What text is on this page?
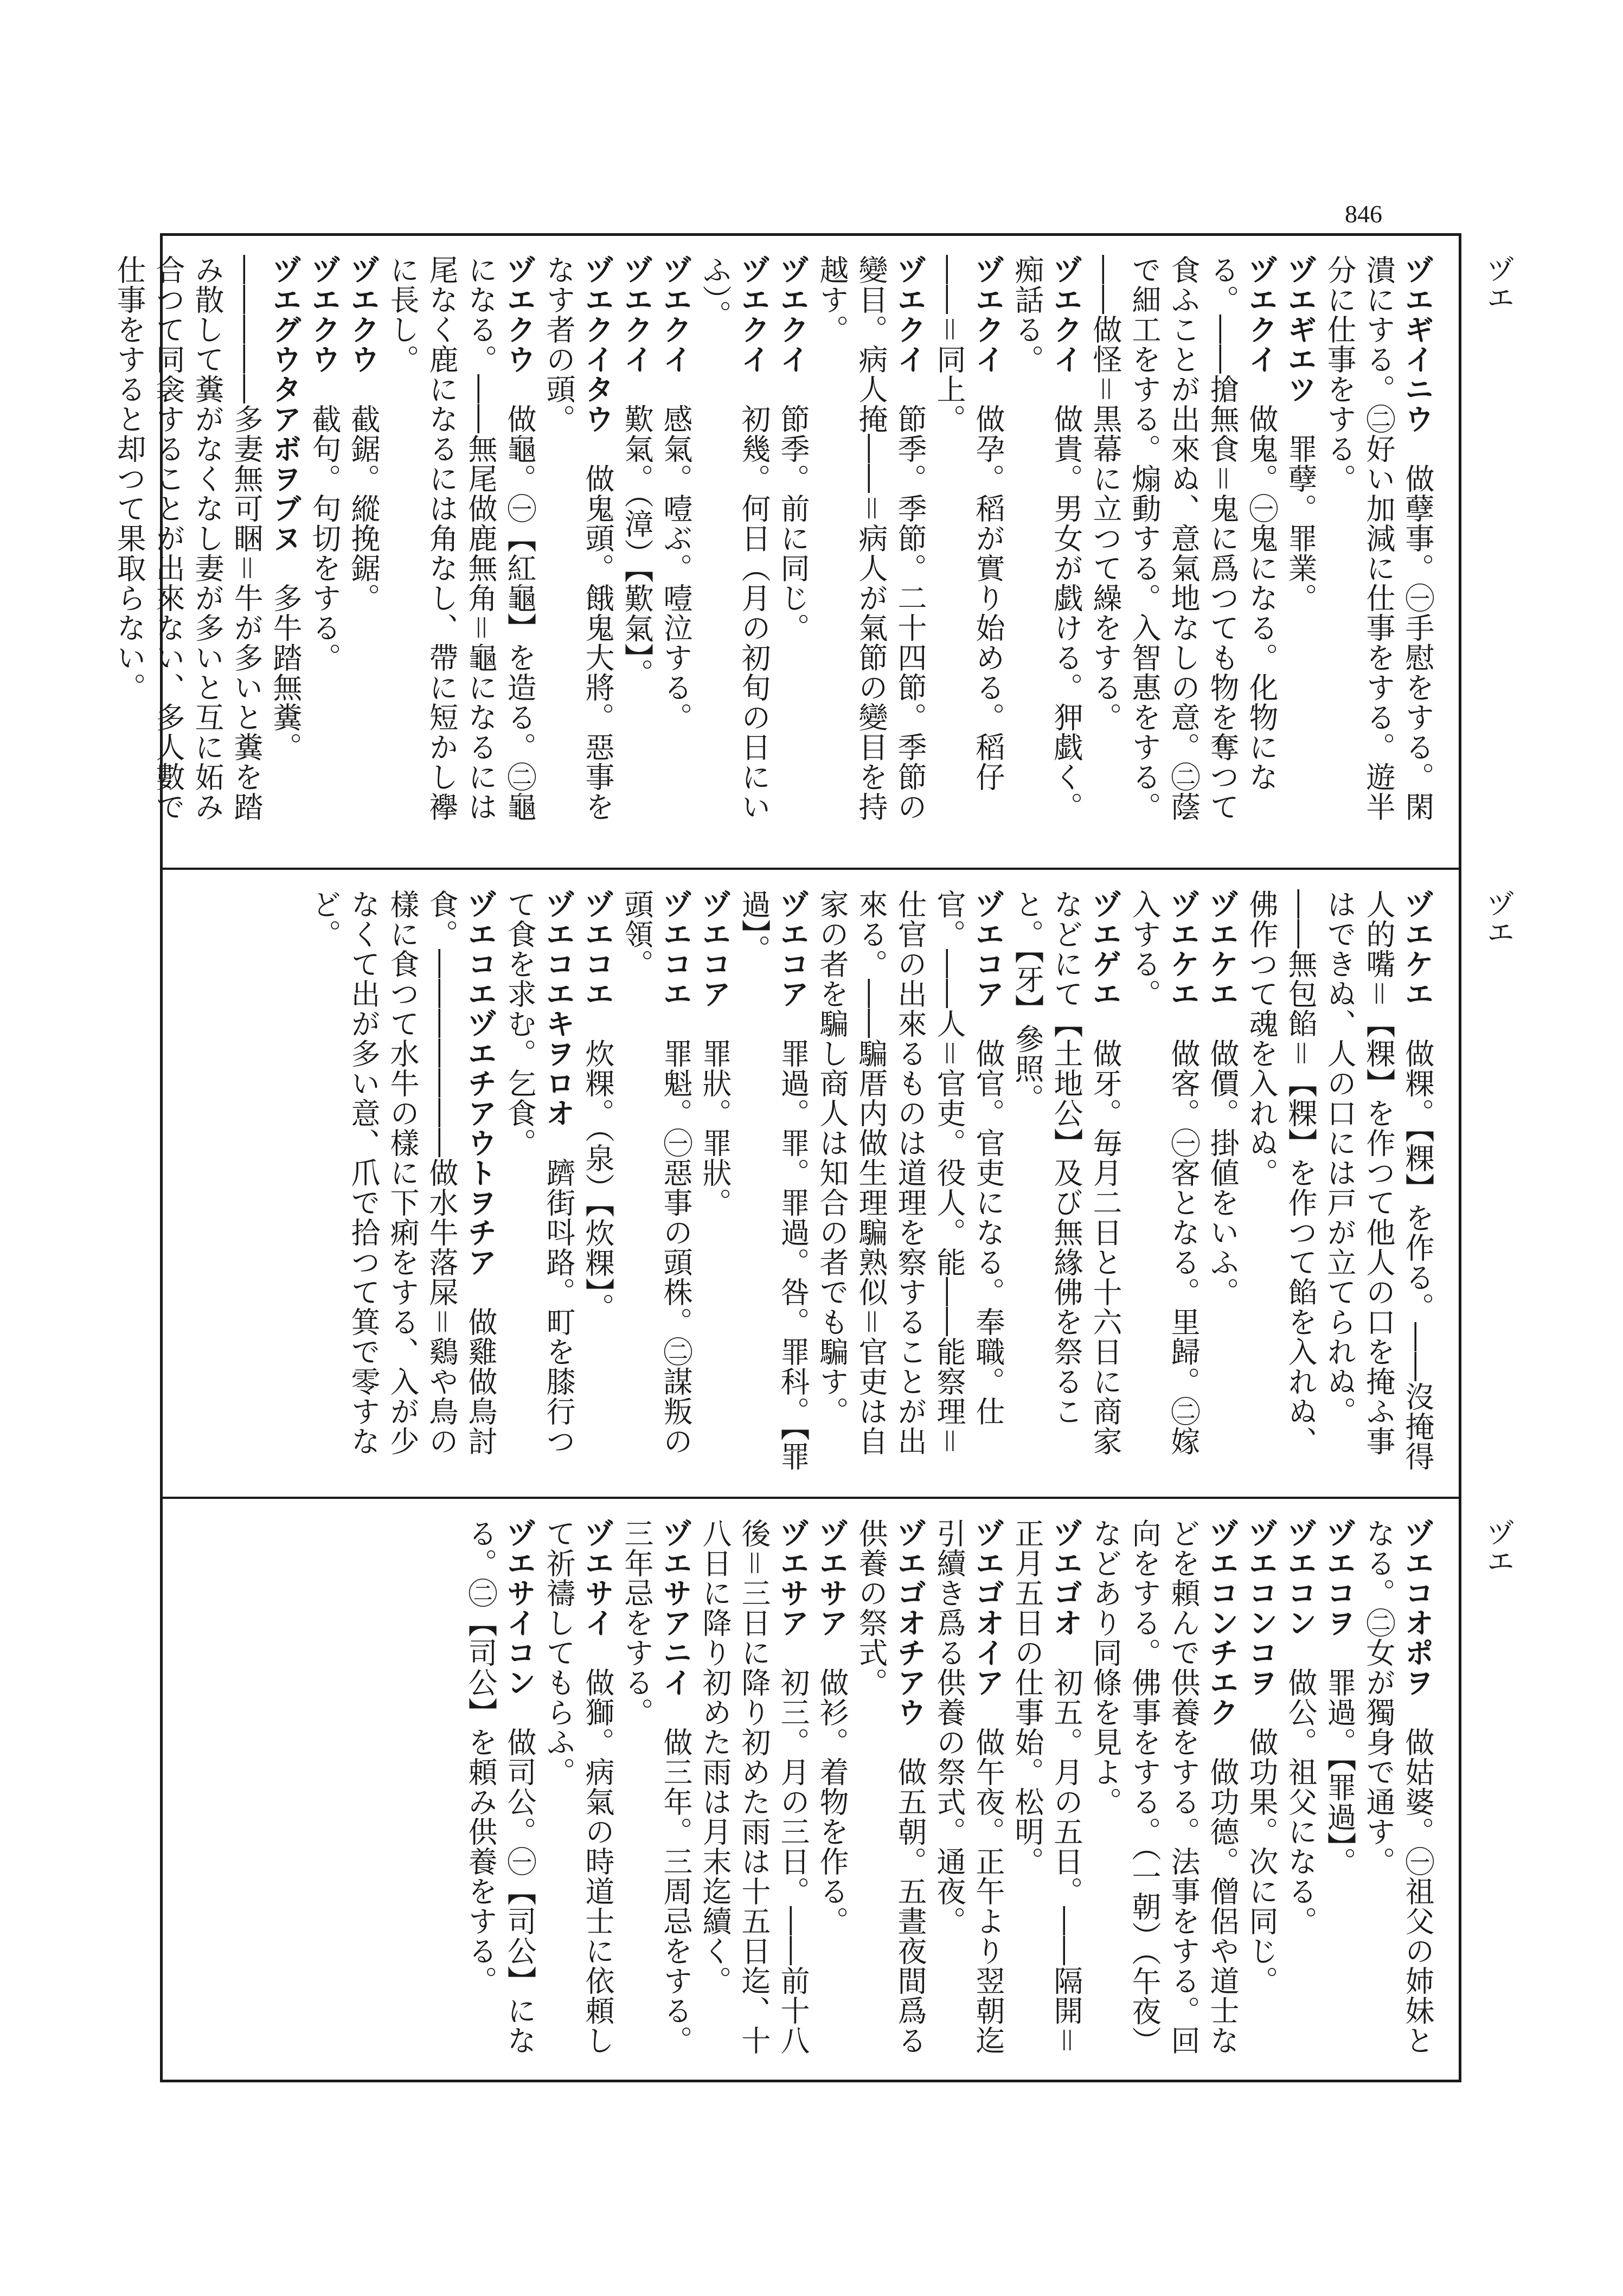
846
ヅエ
ヅエ
ヅエ
ヅエギイニウ　做孽事。㊀手慰をする。閑潰にする。㊁好い加減に仕事をする。遊半分に仕事をする。
ヅエギエツ　罪孽。罪業。
ヅエクイ　做鬼。㊀鬼になる。化物になる。――搶無食＝鬼に爲つても物を奪つて食ふことが出來ぬ、意氣地なしの意。㊁蔭で細工をする。煽動する。入智惠をする。――做怪＝黒幕に立つて繰をする。
ヅエクイ　做貴。男女が戯ける。狎戯く。痴話る。
ヅエクイ　做孕。稻が實り始める。稻仔――＝同上。
ヅエクイ　節季。季節。二十四節。季節の變目。病人掩――＝病人が氣節の變目を持越す。
ヅエクイ　節季。前に同じ。
ヅエクイ　初幾。何日（月の初旬の日にいふ）。
ヅエクイ　感氣。噎ぶ。噎泣する。
ヅエクイ　歎氣。（漳）【歎氣】。
ヅエクイタウ　做鬼頭。餓鬼大將。惡事をなす者の頭。
ヅエクウ　做龜。㊀【紅龜】を造る。㊁龜になる。――無尾做鹿無角＝龜になるには尾なく鹿になるには角なし、帶に短かし襷に長し。
ヅエクウ　截鋸。縱挽鋸。
ヅエクウ　截句。句切をする。
ヅエグウタアボヲブヌ　多牛踏無糞。―――――多妻無可睏＝牛が多いと糞を踏み散して糞がなくなし妻が多いと互に妬み合つて同衾することが出來ない、多人數で仕事をすると却つて果取らない。
ヅエケエ　做粿。【粿】を作る。――沒掩得人的嘴＝【粿】を作つて他人の口を掩ふ事はできぬ、人の口には戸が立てられぬ。――無包餡＝【粿】を作つて餡を入れぬ、佛作つて魂を入れぬ。
ヅエケエ　做價。掛値をいふ。
ヅエケエ　做客。㊀客となる。里歸。㊁嫁入する。
ヅエゲエ　做牙。毎月二日と十六日に商家などにて【土地公】及び無緣佛を祭ること。【牙】參照。
ヅエコア　做官。官吏になる。奉職。仕官。――人＝官吏。役人。能――能察理＝仕官の出來るものは道理を察することが出來る。――騙厝内做生理騙熟似＝官吏は自家の者を騙し商人は知合の者でも騙す。
ヅエコア　罪過。罪。罪過。咎。罪科。【罪過】。
ヅエコア　罪狀。罪狀。
ヅエコエ　罪魁。㊀惡事の頭株。㊁謀叛の頭領。
ヅエコエ　炊粿。（泉）【炊粿】。
ヅエコエキヲロオ　躋街呌路。町を膝行つて食を求む。乞食。
ヅエコエヅエチアウトヲチア　做雞做鳥討食。―――――――做水牛落屎＝鷄や鳥の樣に食つて水牛の樣に下痢をする、入が少なくて出が多い意、爪で拾つて箕で零すなど。
ヅエコオポヲ　做姑婆。㊀祖父の姉妹となる。㊁女が獨身で通す。
ヅエコヲ　罪過。【罪過】。
ヅエコン　做公。祖父になる。
ヅエコンコヲ　做功果。次に同じ。
ヅエコンチエク　做功德。僧侶や道士などを頼んで供養をする。法事をする。回向をする。佛事をする。（一朝）（午夜）などあり同條を見よ。
ヅエゴオ　初五。月の五日。――隔開＝正月五日の仕事始。松明。
ヅエゴオイア　做午夜。正午より翌朝迄引續き爲る供養の祭式。通夜。
ヅエゴオチアウ　做五朝。五晝夜間爲る供養の祭式。
ヅエサア　做衫。着物を作る。
ヅエサア　初三。月の三日。――前十八後＝三日に降り初めた雨は十五日迄、十八日に降り初めた雨は月末迄續く。
ヅエサアニイ　做三年。三周忌をする。三年忌をする。
ヅエサイ　做獅。病氣の時道士に依頼して祈禱してもらふ。
ヅエサイコン　做司公。㊀【司公】になる。㊁【司公】を頼み供養をする。
